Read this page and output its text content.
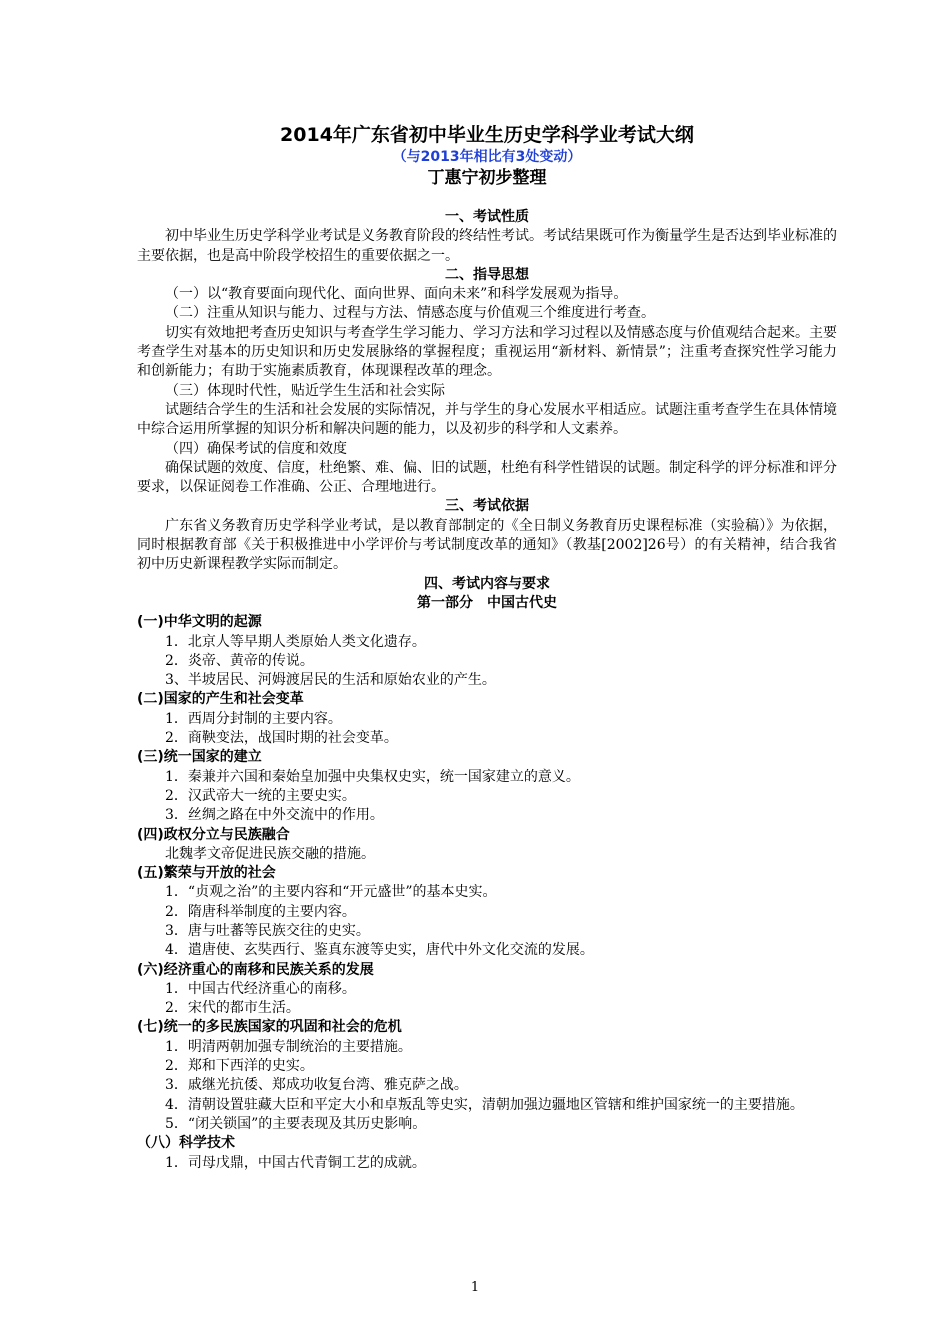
2014年广东省初中毕业生历史学科学业考试大纲

（与2013年相比有3处变动）

丁惠宁初步整理

一、考试性质

初中毕业生历史学科学业考试是义务教育阶段的终结性考试。考试结果既可作为衡量学生是否达到毕业标准的主要依据，也是高中阶段学校招生的重要依据之一。

二、指导思想

（一）以“教育要面向现代化、面向世界、面向未来”和科学发展观为指导。

（二）注重从知识与能力、过程与方法、情感态度与价值观三个维度进行考查。

切实有效地把考查历史知识与考查学生学习能力、学习方法和学习过程以及情感态度与价值观结合起来。主要考查学生对基本的历史知识和历史发展脉络的掌握程度；重视运用“新材料、新情景”；注重考查探究性学习能力和创新能力；有助于实施素质教育，体现课程改革的理念。

（三）体现时代性，贴近学生生活和社会实际

试题结合学生的生活和社会发展的实际情况，并与学生的身心发展水平相适应。试题注重考查学生在具体情境中综合运用所掌握的知识分析和解决问题的能力，以及初步的科学和人文素养。

（四）确保考试的信度和效度

确保试题的效度、信度，杜绝繁、难、偏、旧的试题，杜绝有科学性错误的试题。制定科学的评分标准和评分要求，以保证阅卷工作准确、公正、合理地进行。

三、考试依据

广东省义务教育历史学科学业考试，是以教育部制定的《全日制义务教育历史课程标准（实验稿）》为依据，同时根据教育部《关于积极推进中小学评价与考试制度改革的通知》（教基[2002]26号）的有关精神，结合我省初中历史新课程教学实际而制定。

四、考试内容与要求

第一部分　中国古代史

(一)中华文明的起源

1．北京人等早期人类原始人类文化遗存。

2．炎帝、黄帝的传说。

3、半坡居民、河姆渡居民的生活和原始农业的产生。

(二)国家的产生和社会变革

1．西周分封制的主要内容。

2．商鞅变法，战国时期的社会变革。

(三)统一国家的建立

1．秦兼并六国和秦始皇加强中央集权史实，统一国家建立的意义。

2．汉武帝大一统的主要史实。

3．丝绸之路在中外交流中的作用。

(四)政权分立与民族融合

北魏孝文帝促进民族交融的措施。

(五)繁荣与开放的社会

1．“贞观之治”的主要内容和“开元盛世”的基本史实。

2．隋唐科举制度的主要内容。

3．唐与吐蕃等民族交往的史实。

4．遣唐使、玄奘西行、鉴真东渡等史实，唐代中外文化交流的发展。

(六)经济重心的南移和民族关系的发展

1．中国古代经济重心的南移。

2．宋代的都市生活。

(七)统一的多民族国家的巩固和社会的危机

1．明清两朝加强专制统治的主要措施。

2．郑和下西洋的史实。

3．戚继光抗倭、郑成功收复台湾、雅克萨之战。

4．清朝设置驻藏大臣和平定大小和卓叛乱等史实，清朝加强边疆地区管辖和维护国家统一的主要措施。

5．“闭关锁国”的主要表现及其历史影响。

（八）科学技术

1．司母戊鼎，中国古代青铜工艺的成就。

1
